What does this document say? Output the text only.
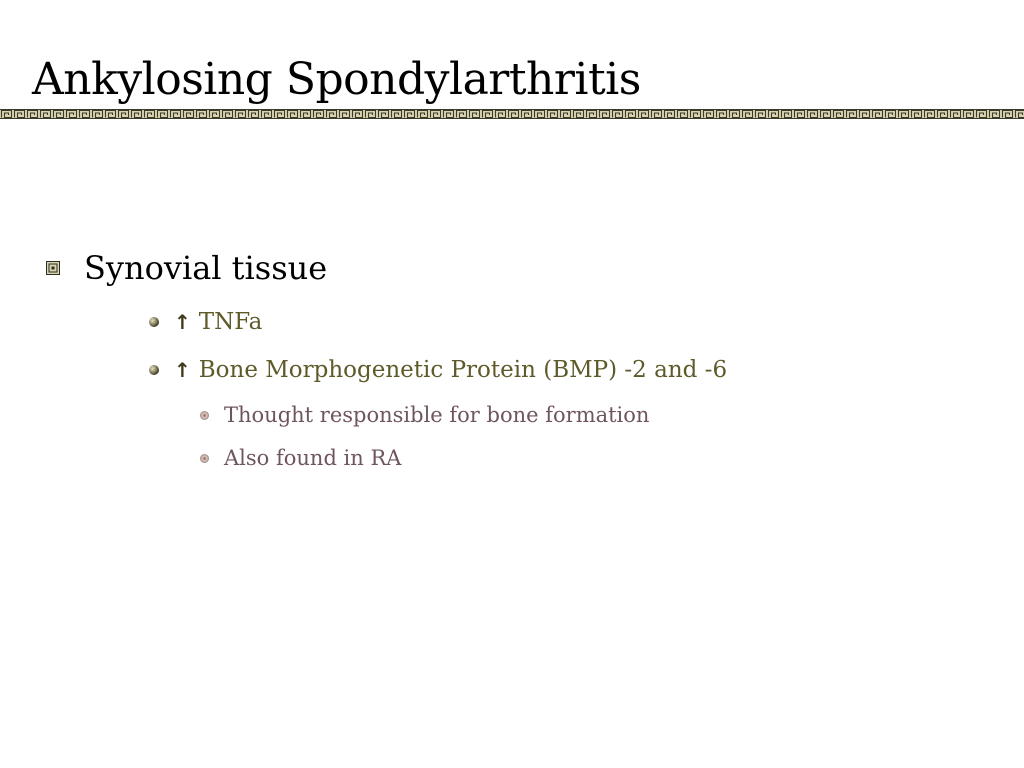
Ankylosing Spondylarthritis
Synovial tissue
↑ TNFa
↑ Bone Morphogenetic Protein (BMP) -2 and -6
Thought responsible for bone formation
Also found in RA
